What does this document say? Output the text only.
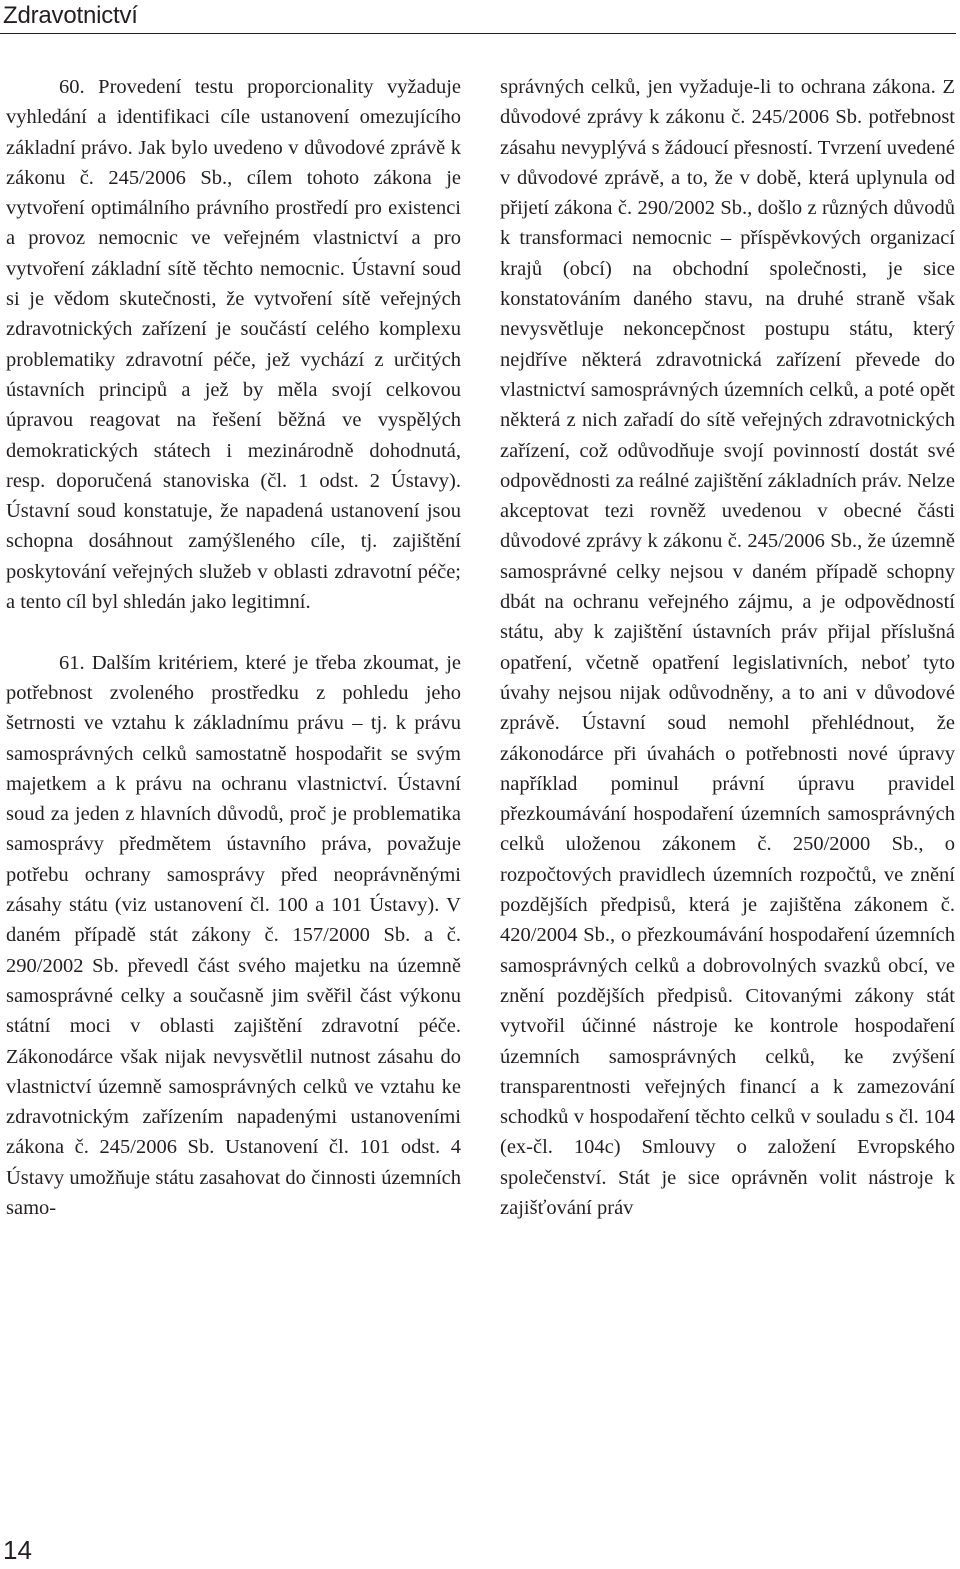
Zdravotnictví

60. Provedení testu proporcionality vyžaduje vyhledání a identifikaci cíle ustanovení omezujícího základní právo. Jak bylo uvedeno v důvodové zprávě k zákonu č. 245/2006 Sb., cílem tohoto zákona je vytvoření optimálního právního prostředí pro existenci a provoz nemocnic ve veřejném vlastnictví a pro vytvoření základní sítě těchto nemocnic. Ústavní soud si je vědom skutečnosti, že vytvoření sítě veřejných zdravotnických zařízení je součástí celého komplexu problematiky zdravotní péče, jež vychází z určitých ústavních principů a jež by měla svojí celkovou úpravou reagovat na řešení běžná ve vyspělých demokratických státech i mezinárodně dohodnutá, resp. doporučená stanoviska (čl. 1 odst. 2 Ústavy). Ústavní soud konstatuje, že napadená ustanovení jsou schopna dosáhnout zamýšleného cíle, tj. zajištění poskytování veřejných služeb v oblasti zdravotní péče; a tento cíl byl shledán jako legitimní.

61. Dalším kritériem, které je třeba zkoumat, je potřebnost zvoleného prostředku z pohledu jeho šetrnosti ve vztahu k základnímu právu – tj. k právu samosprávných celků samostatně hospodařit se svým majetkem a k právu na ochranu vlastnictví. Ústavní soud za jeden z hlavních důvodů, proč je problematika samosprávy předmětem ústavního práva, považuje potřebu ochrany samosprávy před neoprávněnými zásahy státu (viz ustanovení čl. 100 a 101 Ústavy). V daném případě stát zákony č. 157/2000 Sb. a č. 290/2002 Sb. převedl část svého majetku na územně samosprávné celky a současně jim svěřil část výkonu státní moci v oblasti zajištění zdravotní péče. Zákonodárce však nijak nevysvětlil nutnost zásahu do vlastnictví územně samosprávných celků ve vztahu ke zdravotnickým zařízením napadenými ustanoveními zákona č. 245/2006 Sb. Ustanovení čl. 101 odst. 4 Ústavy umožňuje státu zasahovat do činnosti územních samo-

správných celků, jen vyžaduje-li to ochrana zákona. Z důvodové zprávy k zákonu č. 245/2006 Sb. potřebnost zásahu nevyplývá s žádoucí přesností. Tvrzení uvedené v důvodové zprávě, a to, že v době, která uplynula od přijetí zákona č. 290/2002 Sb., došlo z různých důvodů k transformaci nemocnic – příspěvkových organizací krajů (obcí) na obchodní společnosti, je sice konstatováním daného stavu, na druhé straně však nevysvětluje nekoncepčnost postupu státu, který nejdříve některá zdravotnická zařízení převede do vlastnictví samosprávných územních celků, a poté opět některá z nich zařadí do sítě veřejných zdravotnických zařízení, což odůvodňuje svojí povinností dostát své odpovědnosti za reálné zajištění základních práv. Nelze akceptovat tezi rovněž uvedenou v obecné části důvodové zprávy k zákonu č. 245/2006 Sb., že územně samosprávné celky nejsou v daném případě schopny dbát na ochranu veřejného zájmu, a je odpovědností státu, aby k zajištění ústavních práv přijal příslušná opatření, včetně opatření legislativních, neboť tyto úvahy nejsou nijak odůvodněny, a to ani v důvodové zprávě. Ústavní soud nemohl přehlédnout, že zákonodárce při úvahách o potřebnosti nové úpravy například pominul právní úpravu pravidel přezkoumávání hospodaření územních samosprávných celků uloženou zákonem č. 250/2000 Sb., o rozpočtových pravidlech územních rozpočtů, ve znění pozdějších předpisů, která je zajištěna zákonem č. 420/2004 Sb., o přezkoumávání hospodaření územních samosprávných celků a dobrovolných svazků obcí, ve znění pozdějších předpisů. Citovanými zákony stát vytvořil účinné nástroje ke kontrole hospodaření územních samosprávných celků, ke zvýšení transparentnosti veřejných financí a k zamezování schodků v hospodaření těchto celků v souladu s čl. 104 (ex-čl. 104c) Smlouvy o založení Evropského společenství. Stát je sice oprávněn volit nástroje k zajišťování práv

14
